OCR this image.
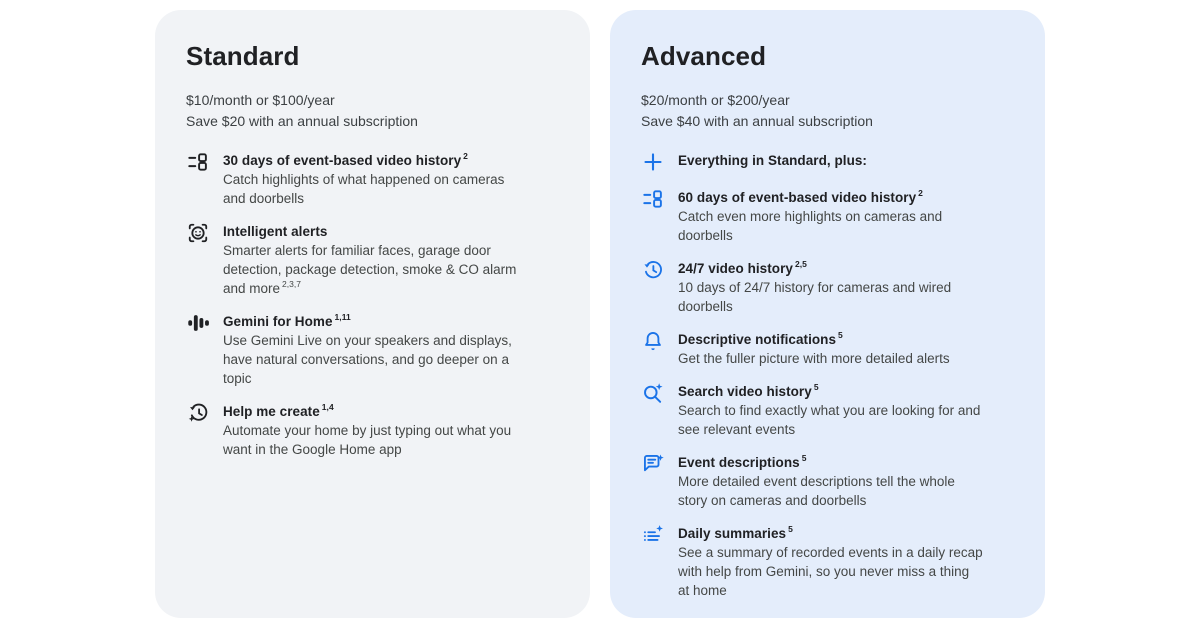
Standard

$10/month or $100/year

Save $20 with an annual subscription

30 days of event-based video history $^2$

Catch highlights of what happened on cameras and doorbells

Intelligent alerts

Smarter alerts for familiar faces, garage door detection, package detection, smoke & CO alarm and more $^{2,3,7}$

Gemini for Home $^{1,11}$

Use Gemini Live on your speakers and displays, have natural conversations, and go deeper on a topic

Help me create $^{1,4}$

Automate your home by just typing out what you want in the Google Home app

Advanced

$20/month or $200/year

Save $40 with an annual subscription

Everything in Standard, plus:

60 days of event-based video history $^2$

Catch even more highlights on cameras and doorbells

24/7 video history $^{2,5}$

10 days of 24/7 history for cameras and wired doorbells

Descriptive notifications $^5$

Get the fuller picture with more detailed alerts

Search video history $^5$

Search to find exactly what you are looking for and see relevant events

Event descriptions $^5$

More detailed event descriptions tell the whole story on cameras and doorbells

Daily summaries $^5$

See a summary of recorded events in a daily recap with help from Gemini, so you never miss a thing at home
